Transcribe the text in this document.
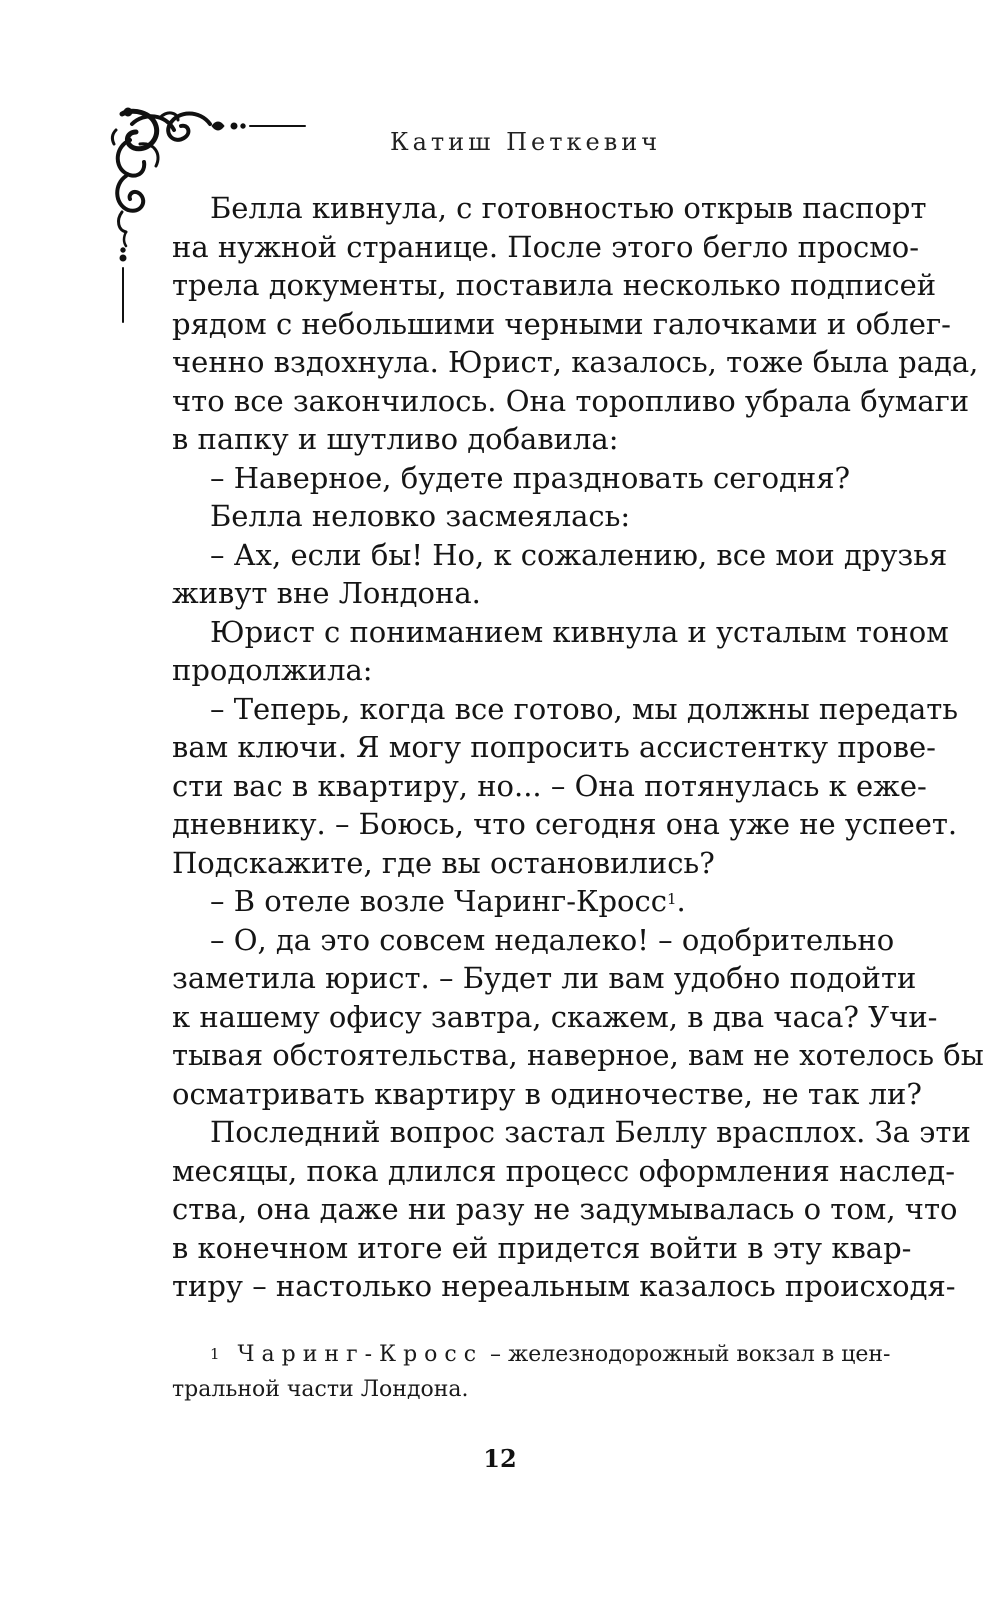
Катиш Петкевич
Белла кивнула, с готовностью открыв паспорт
на нужной странице. После этого бегло просмо-
трела документы, поставила несколько подписей
рядом с небольшими черными галочками и облег-
ченно вздохнула. Юрист, казалось, тоже была рада,
что все закончилось. Она торопливо убрала бумаги
в папку и шутливо добавила:
– Наверное, будете праздновать сегодня?
Белла неловко засмеялась:
– Ах, если бы! Но, к сожалению, все мои друзья
живут вне Лондона.
Юрист с пониманием кивнула и усталым тоном
продолжила:
– Теперь, когда все готово, мы должны передать
вам ключи. Я могу попросить ассистентку прове-
сти вас в квартиру, но... – Она потянулась к еже-
дневнику. – Боюсь, что сегодня она уже не успеет.
Подскажите, где вы остановились?
– В отеле возле Чаринг-Кросс$^1$.
– О, да это совсем недалеко! – одобрительно
заметила юрист. – Будет ли вам удобно подойти
к нашему офису завтра, скажем, в два часа? Учи-
тывая обстоятельства, наверное, вам не хотелось бы
осматривать квартиру в одиночестве, не так ли?
Последний вопрос застал Беллу врасплох. За эти
месяцы, пока длился процесс оформления наслед-
ства, она даже ни разу не задумывалась о том, что
в конечном итоге ей придется войти в эту квар-
тиру – настолько нереальным казалось происходя-
$^1$ Чаринг-Кросс – железнодорожный вокзал в цен-
тральной части Лондона.
12
